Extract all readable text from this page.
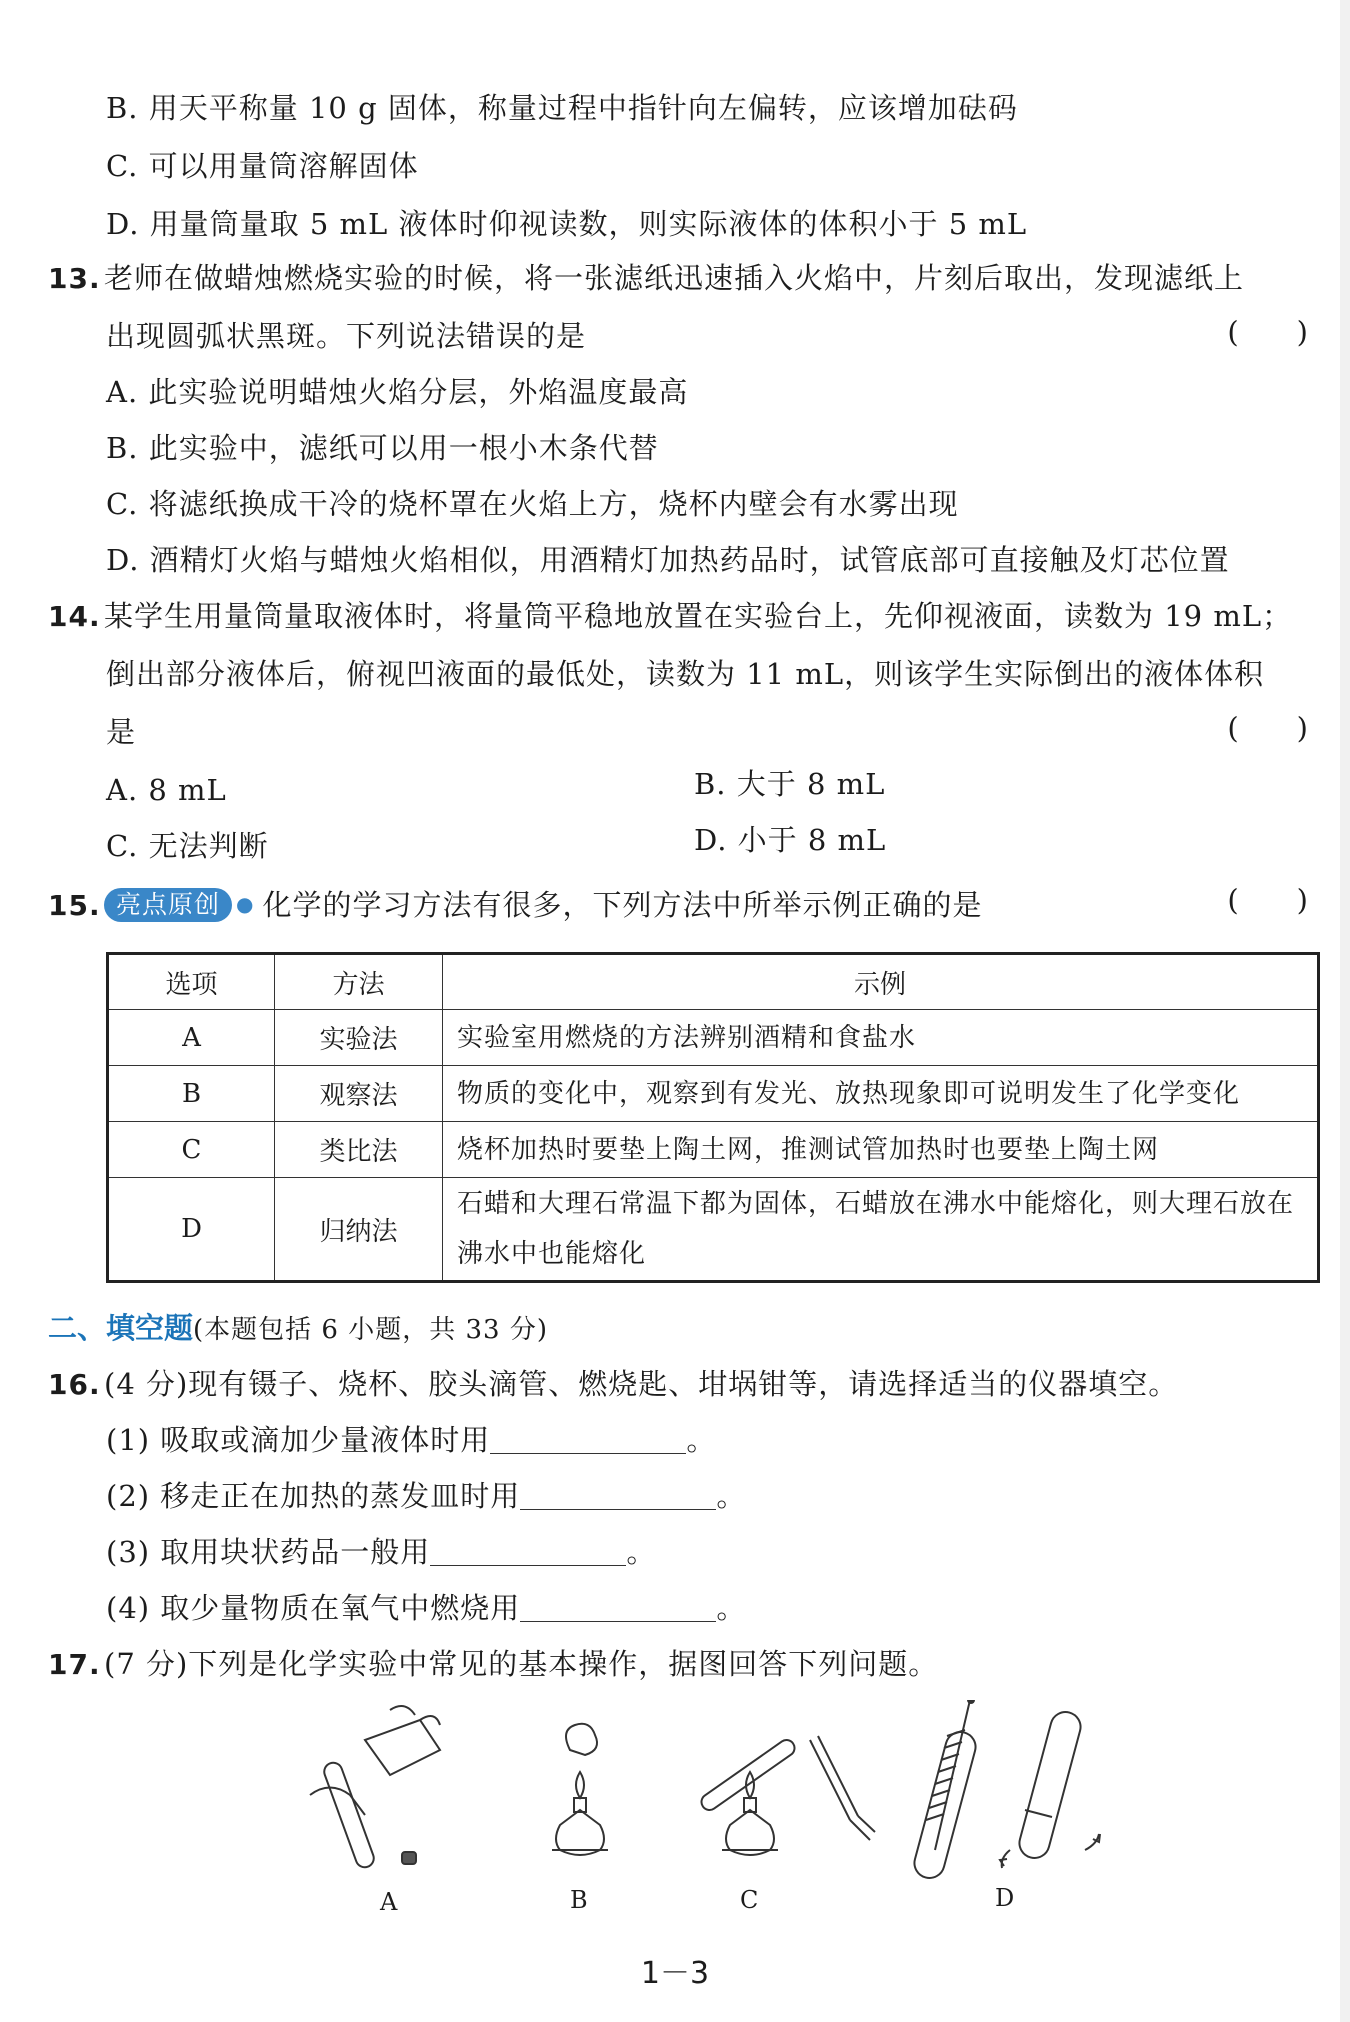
B. 用天平称量 10 g 固体，称量过程中指针向左偏转，应该增加砝码
C. 可以用量筒溶解固体
D. 用量筒量取 5 mL 液体时仰视读数，则实际液体的体积小于 5 mL
13. 老师在做蜡烛燃烧实验的时候，将一张滤纸迅速插入火焰中，片刻后取出，发现滤纸上
出现圆弧状黑斑。下列说法错误的是	(　　)
A. 此实验说明蜡烛火焰分层，外焰温度最高
B. 此实验中，滤纸可以用一根小木条代替
C. 将滤纸换成干冷的烧杯罩在火焰上方，烧杯内壁会有水雾出现
D. 酒精灯火焰与蜡烛火焰相似，用酒精灯加热药品时，试管底部可直接触及灯芯位置
14. 某学生用量筒量取液体时，将量筒平稳地放置在实验台上，先仰视液面，读数为 19 mL；
倒出部分液体后，俯视凹液面的最低处，读数为 11 mL，则该学生实际倒出的液体体积
是	(　　)
A. 8 mL	B. 大于 8 mL
C. 无法判断	D. 小于 8 mL
15. 亮点原创 ● 化学的学习方法有很多，下列方法中所举示例正确的是	(　　)
选项	方法	示例
A	实验法	实验室用燃烧的方法辨别酒精和食盐水
B	观察法	物质的变化中，观察到有发光、放热现象即可说明发生了化学变化
C	类比法	烧杯加热时要垫上陶土网，推测试管加热时也要垫上陶土网
D	归纳法	石蜡和大理石常温下都为固体，石蜡放在沸水中能熔化，则大理石放在
沸水中也能熔化
二、填空题(本题包括 6 小题，共 33 分)
16. (4 分)现有镊子、烧杯、胶头滴管、燃烧匙、坩埚钳等，请选择适当的仪器填空。
(1) 吸取或滴加少量液体时用	。
(2) 移走正在加热的蒸发皿时用	。
(3) 取用块状药品一般用	。
(4) 取少量物质在氧气中燃烧用	。
17. (7 分)下列是化学实验中常见的基本操作，据图回答下列问题。
A	B	C	D
1－3
